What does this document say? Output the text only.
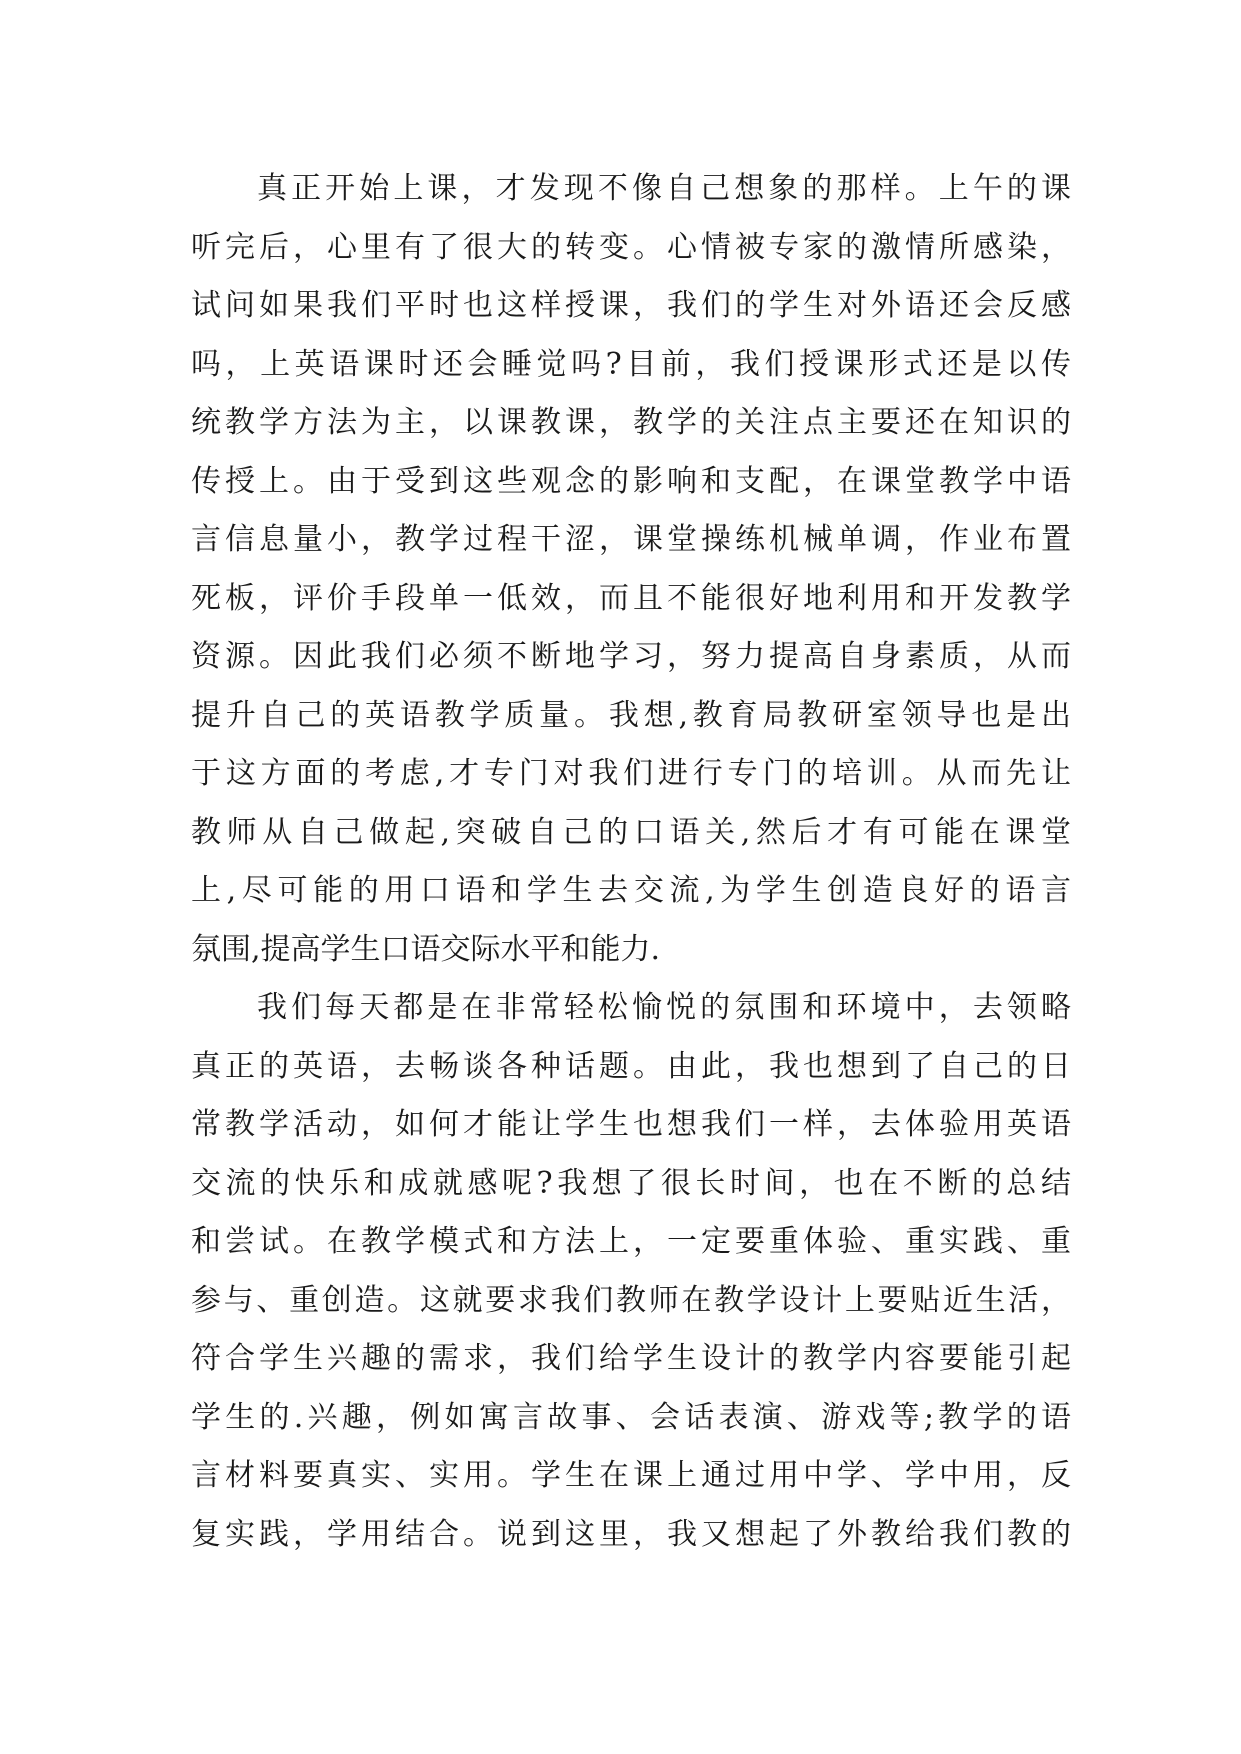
真正开始上课，才发现不像自己想象的那样。上午的课
听完后，心里有了很大的转变。心情被专家的激情所感染，
试问如果我们平时也这样授课，我们的学生对外语还会反感
吗，上英语课时还会睡觉吗?目前，我们授课形式还是以传
统教学方法为主，以课教课，教学的关注点主要还在知识的
传授上。由于受到这些观念的影响和支配，在课堂教学中语
言信息量小，教学过程干涩，课堂操练机械单调，作业布置
死板，评价手段单一低效，而且不能很好地利用和开发教学
资源。因此我们必须不断地学习，努力提高自身素质，从而
提升自己的英语教学质量。我想,教育局教研室领导也是出
于这方面的考虑,才专门对我们进行专门的培训。从而先让
教师从自己做起,突破自己的口语关,然后才有可能在课堂
上,尽可能的用口语和学生去交流,为学生创造良好的语言
氛围,提高学生口语交际水平和能力.
我们每天都是在非常轻松愉悦的氛围和环境中，去领略
真正的英语，去畅谈各种话题。由此，我也想到了自己的日
常教学活动，如何才能让学生也想我们一样，去体验用英语
交流的快乐和成就感呢?我想了很长时间，也在不断的总结
和尝试。在教学模式和方法上，一定要重体验、重实践、重
参与、重创造。这就要求我们教师在教学设计上要贴近生活，
符合学生兴趣的需求，我们给学生设计的教学内容要能引起
学生的.兴趣，例如寓言故事、会话表演、游戏等;教学的语
言材料要真实、实用。学生在课上通过用中学、学中用，反
复实践，学用结合。说到这里，我又想起了外教给我们教的
